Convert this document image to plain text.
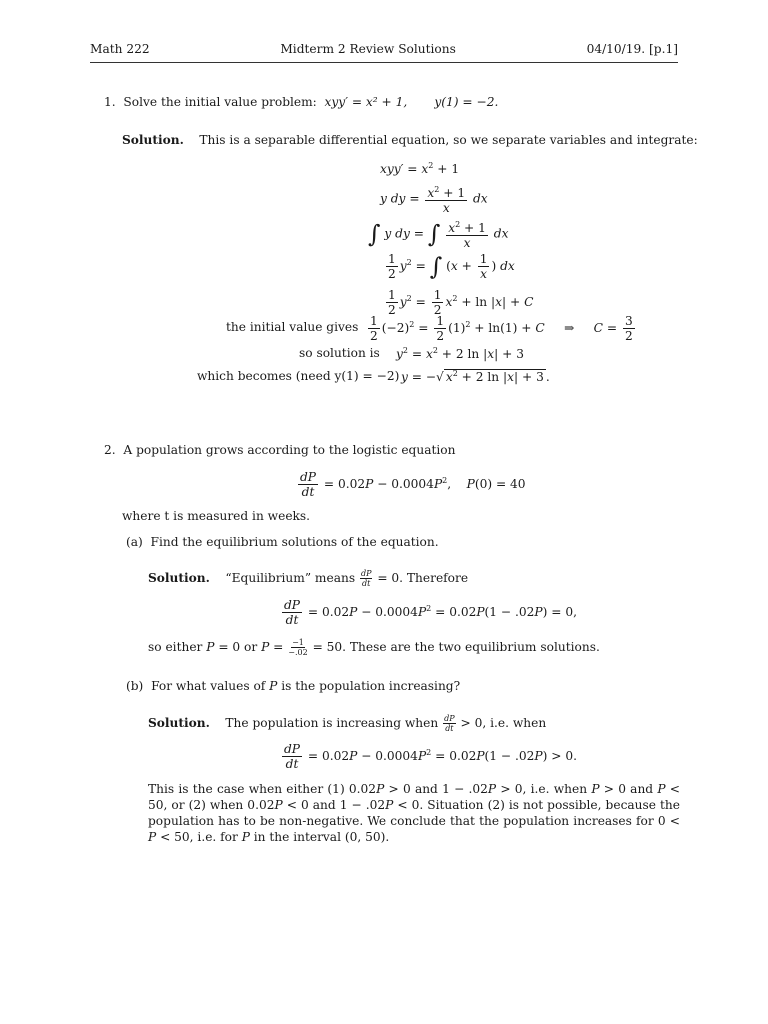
Math 222	Midterm 2 Review Solutions	04/10/19. [p.1]
1. Solve the initial value problem: xyy′ = x² + 1, y(1) = −2.
Solution. This is a separable differential equation, so we separate variables and integrate:
$xyy' = x^2 + 1$
y dy = $\frac{x^2 + 1}{x}$ dx
∫ y dy = ∫ $\frac{x^2 + 1}{x}$ dx
$\frac{1}{2} y^2$ = ∫ ($x + \frac{1}{x}$ ) dx
$\frac{1}{2} y^2 = \frac{1}{2} x^2 + \ln |x| + C$
the initial value gives $\frac{1}{2} (-2)^2 = \frac{1}{2} (1)^2 + \ln(1) + C$     ⇒     $C = \frac{3}{2}$
so solution is $y^2 = x^2 + 2$ ln |x| + 3
which becomes (need y(1) = −2) y = −√ $x^2 + 2$ ln |x| + 3 .
2. A population grows according to the logistic equation
$\frac{dP}{dt} = 0.02P - 0.0004P^2$,    P(0) = 40
where t is measured in weeks.
(a) Find the equilibrium solutions of the equation.
Solution. “Equilibrium” means $\frac{dP}{dt} = 0$. Therefore
$\frac{dP}{dt} = 0.02P - 0.0004P^2 = 0.02P(1 - .02P) = 0$,
so either P = 0 or $P = \frac{-1}{-.02} = 50$. These are the two equilibrium solutions.
(b) For what values of P is the population increasing?
Solution. The population is increasing when $\frac{dP}{dt} > 0$, i.e. when
$\frac{dP}{dt} = 0.02P - 0.0004P^2 = 0.02P(1 - .02P) > 0$.
This is the case when either (1) 0.02P > 0 and 1 − .02P > 0, i.e. when P > 0 and P < 50, or (2) when 0.02P < 0 and 1 − .02P < 0. Situation (2) is not possible, because the population has to be non-negative. We conclude that the population increases for 0 < P < 50, i.e. for P in the interval (0, 50).
